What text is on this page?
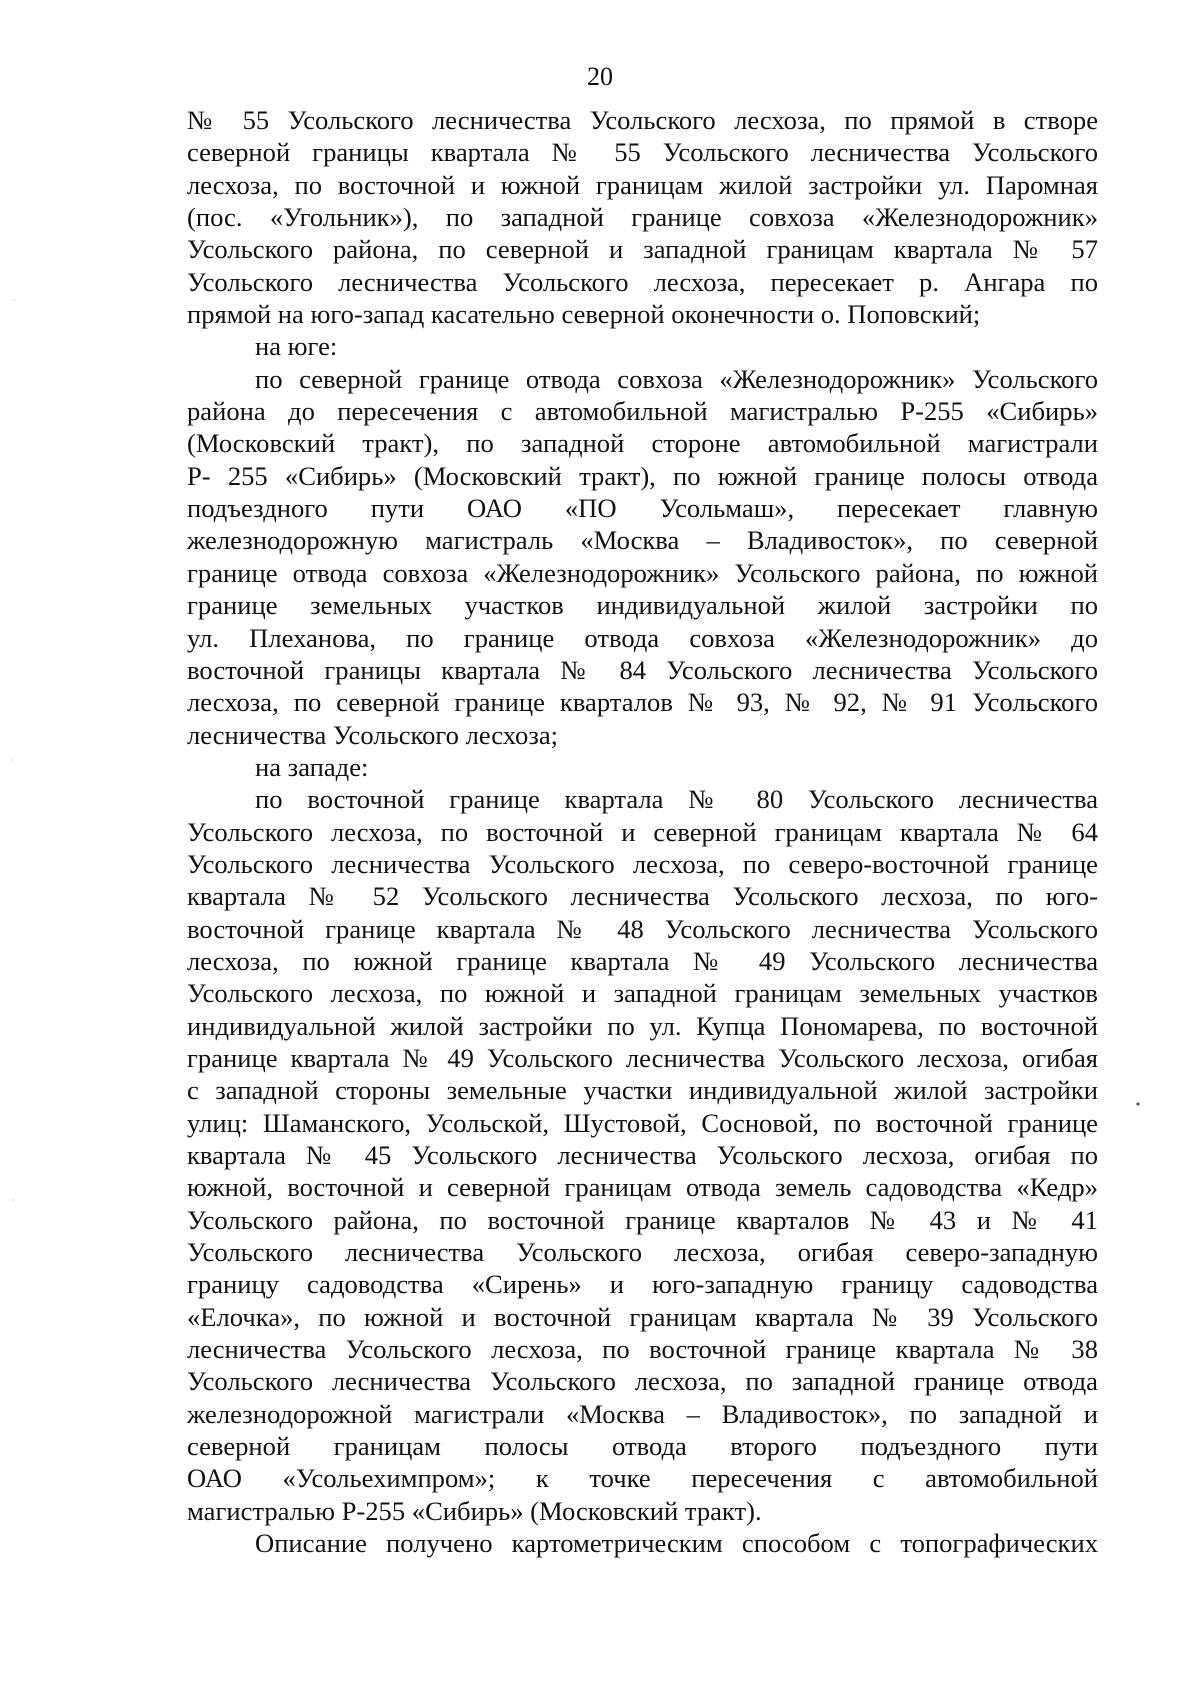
20
№ 55 Усольского лесничества Усольского лесхоза, по прямой в створе
северной границы квартала № 55 Усольского лесничества Усольского
лесхоза, по восточной и южной границам жилой застройки ул. Паромная
(пос. «Угольник»), по западной границе совхоза «Железнодорожник»
Усольского района, по северной и западной границам квартала № 57
Усольского лесничества Усольского лесхоза, пересекает р. Ангара по
прямой на юго-запад касательно северной оконечности о. Поповский;
на юге:
по северной границе отвода совхоза «Железнодорожник» Усольского
района до пересечения с автомобильной магистралью Р-255 «Сибирь»
(Московский тракт), по западной стороне автомобильной магистрали
Р- 255 «Сибирь» (Московский тракт), по южной границе полосы отвода
подъездного пути ОАО «ПО Усольмаш», пересекает главную
железнодорожную магистраль «Москва – Владивосток», по северной
границе отвода совхоза «Железнодорожник» Усольского района, по южной
границе земельных участков индивидуальной жилой застройки по
ул. Плеханова, по границе отвода совхоза «Железнодорожник» до
восточной границы квартала № 84 Усольского лесничества Усольского
лесхоза, по северной границе кварталов № 93, № 92, № 91 Усольского
лесничества Усольского лесхоза;
на западе:
по восточной границе квартала № 80 Усольского лесничества
Усольского лесхоза, по восточной и северной границам квартала № 64
Усольского лесничества Усольского лесхоза, по северо-восточной границе
квартала № 52 Усольского лесничества Усольского лесхоза, по юго-
восточной границе квартала № 48 Усольского лесничества Усольского
лесхоза, по южной границе квартала № 49 Усольского лесничества
Усольского лесхоза, по южной и западной границам земельных участков
индивидуальной жилой застройки по ул. Купца Пономарева, по восточной
границе квартала № 49 Усольского лесничества Усольского лесхоза, огибая
с западной стороны земельные участки индивидуальной жилой застройки
улиц: Шаманского, Усольской, Шустовой, Сосновой, по восточной границе
квартала № 45 Усольского лесничества Усольского лесхоза, огибая по
южной, восточной и северной границам отвода земель садоводства «Кедр»
Усольского района, по восточной границе кварталов № 43 и № 41
Усольского лесничества Усольского лесхоза, огибая северо-западную
границу садоводства «Сирень» и юго-западную границу садоводства
«Елочка», по южной и восточной границам квартала № 39 Усольского
лесничества Усольского лесхоза, по восточной границе квартала № 38
Усольского лесничества Усольского лесхоза, по западной границе отвода
железнодорожной магистрали «Москва – Владивосток», по западной и
северной границам полосы отвода второго подъездного пути
ОАО «Усольехимпром»; к точке пересечения с автомобильной
магистралью Р-255 «Сибирь» (Московский тракт).
Описание получено картометрическим способом с топографических
